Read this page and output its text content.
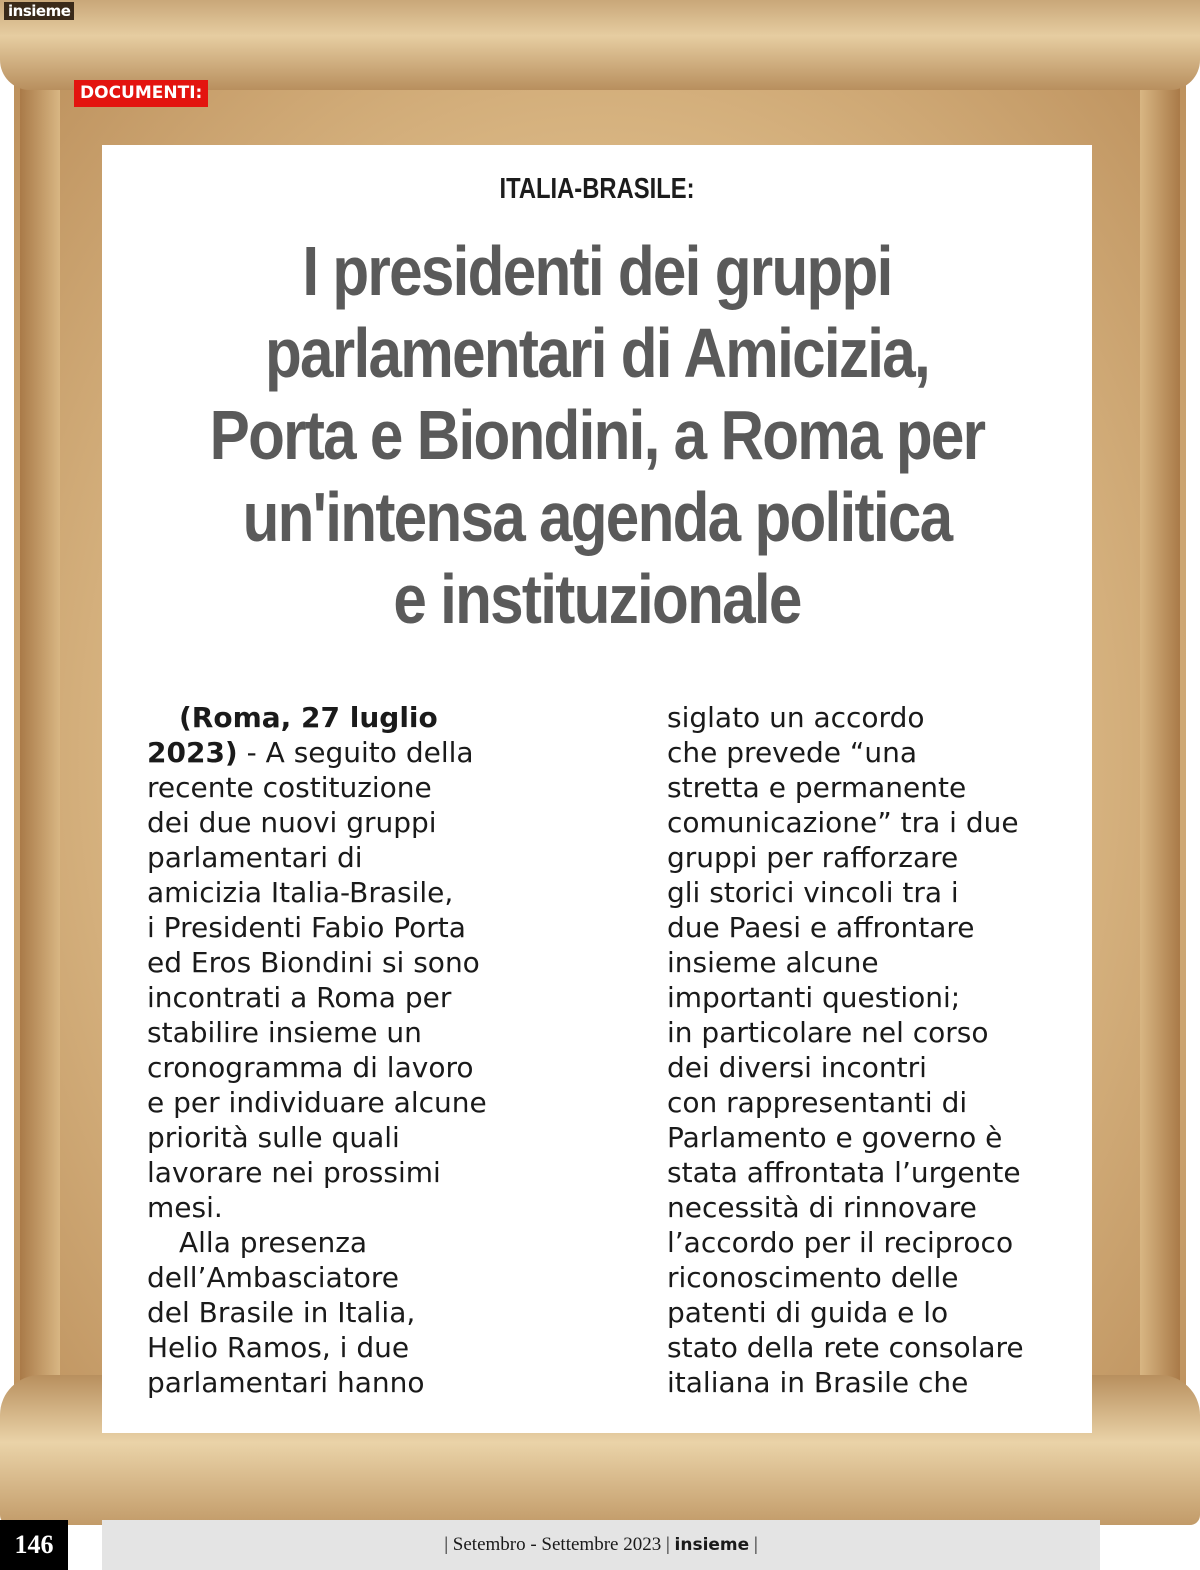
insieme
DOCUMENTI:
ITALIA-BRASILE:
I presidenti dei gruppi
parlamentari di Amicizia,
Porta e Biondini, a Roma per
un'intensa agenda politica
e instituzionale
(Roma, 27 luglio
2023) - A seguito della
recente costituzione
dei due nuovi gruppi
parlamentari di
amicizia Italia-Brasile,
i Presidenti Fabio Porta
ed Eros Biondini si sono
incontrati a Roma per
stabilire insieme un
cronogramma di lavoro
e per individuare alcune
priorità sulle quali
lavorare nei prossimi
mesi.
Alla presenza
dell’Ambasciatore
del Brasile in Italia,
Helio Ramos, i due
parlamentari hanno
siglato un accordo
che prevede “una
stretta e permanente
comunicazione” tra i due
gruppi per rafforzare
gli storici vincoli tra i
due Paesi e affrontare
insieme alcune
importanti questioni;
in particolare nel corso
dei diversi incontri
con rappresentanti di
Parlamento e governo è
stata affrontata l’urgente
necessità di rinnovare
l’accordo per il reciproco
riconoscimento delle
patenti di guida e lo
stato della rete consolare
italiana in Brasile che
146	| Setembro - Settembre 2023 | insieme |
